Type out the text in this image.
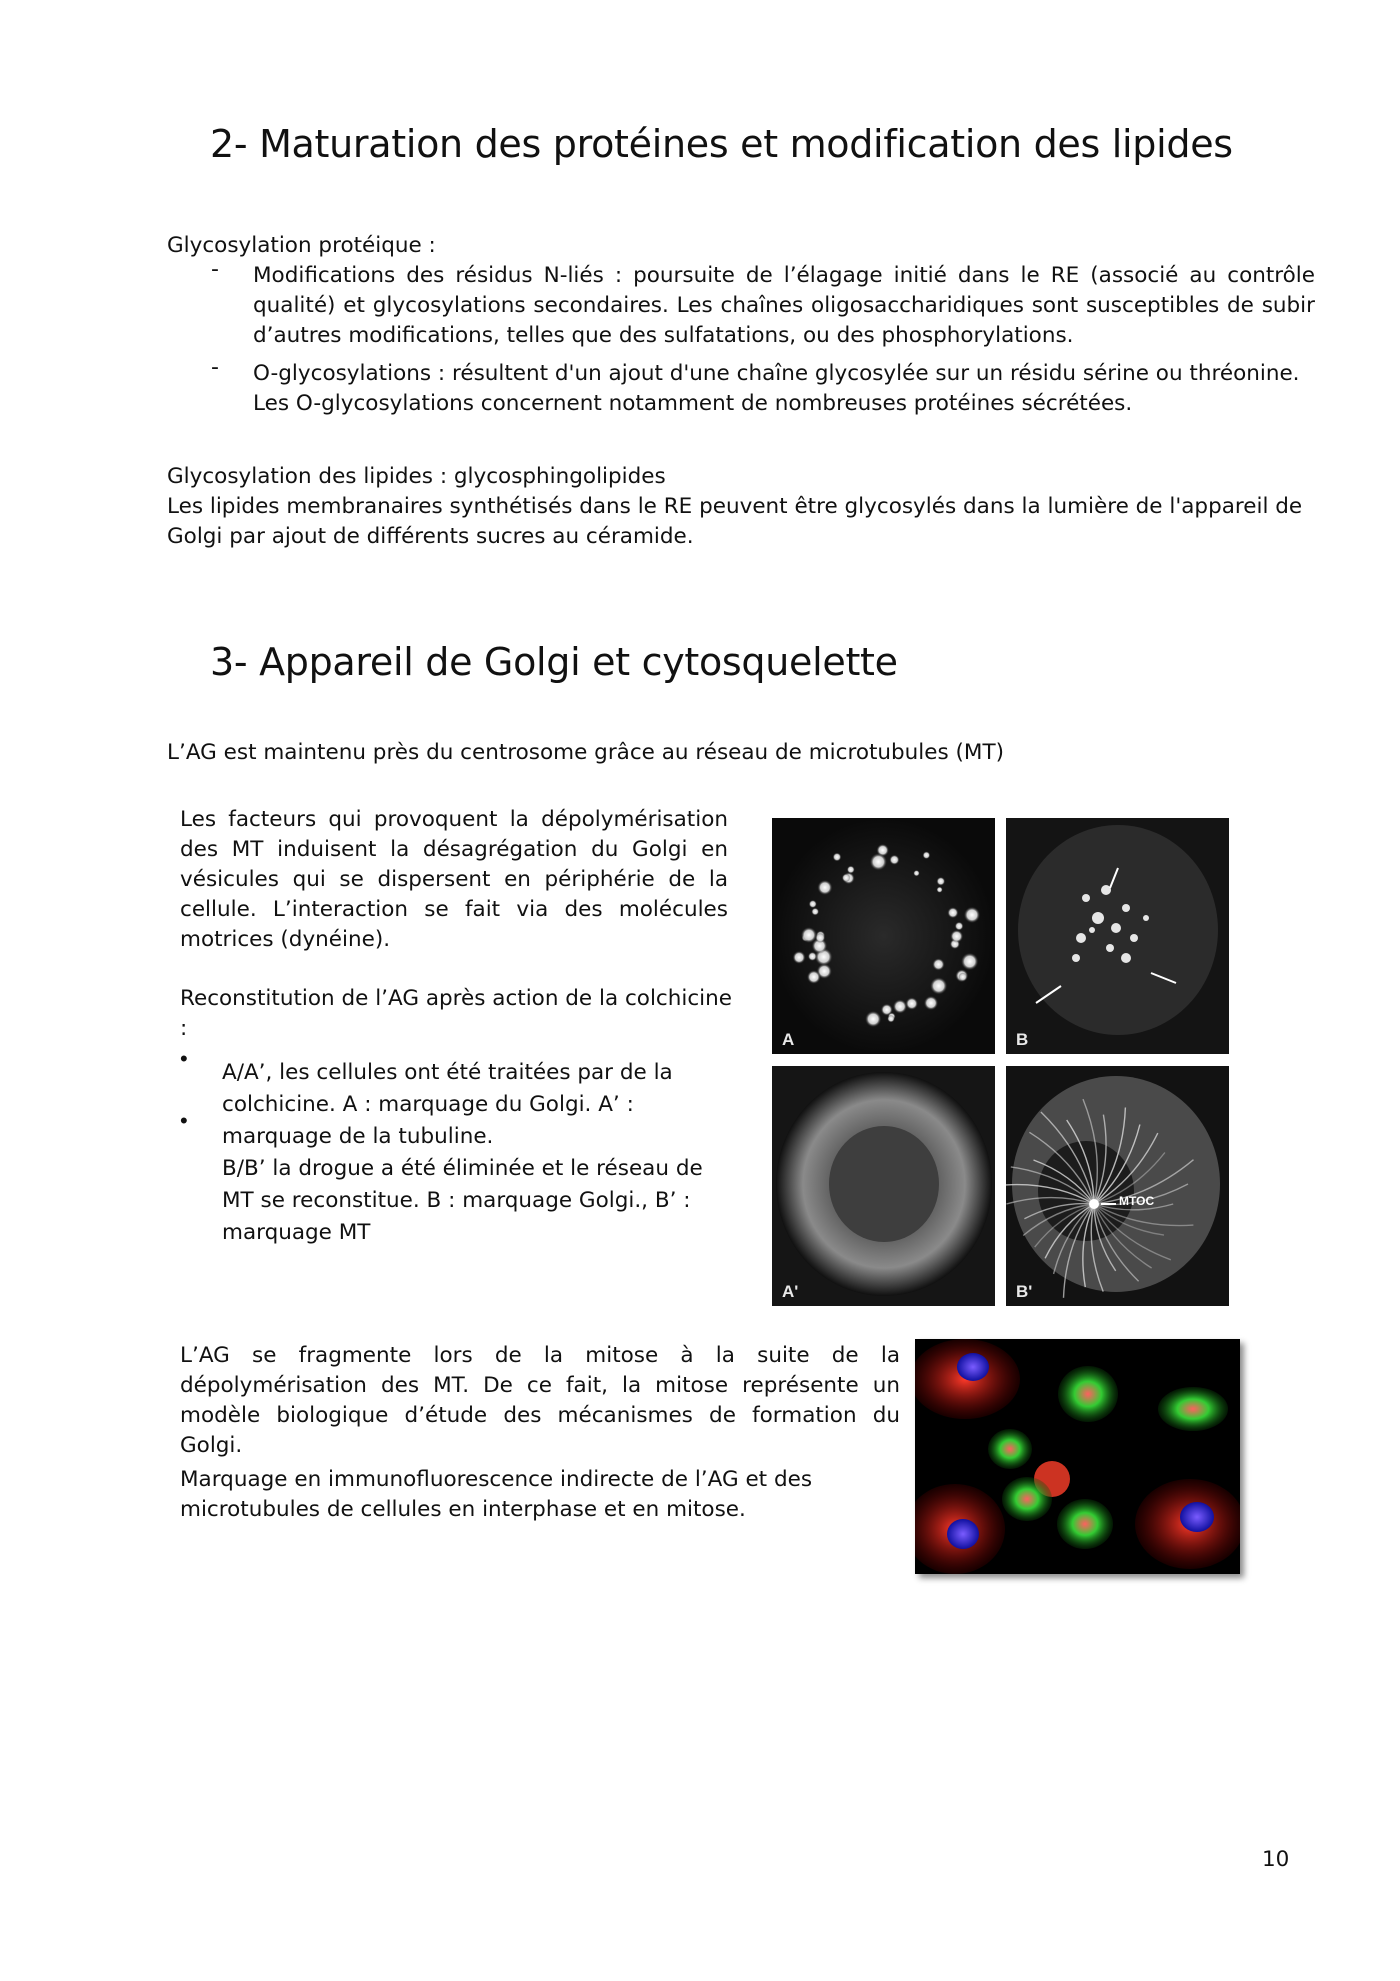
2- Maturation des protéines et modification des lipides
Glycosylation protéique :
- Modifications des résidus N-liés : poursuite de l’élagage initié dans le RE (associé au contrôle qualité) et glycosylations secondaires. Les chaînes oligosaccharidiques sont susceptibles de subir d’autres modifications, telles que des sulfatations, ou des phosphorylations.
- O-glycosylations : résultent d'un ajout d'une chaîne glycosylée sur un résidu sérine ou thréonine.
Les O-glycosylations concernent notamment de nombreuses protéines sécrétées.
Glycosylation des lipides : glycosphingolipides
Les lipides membranaires synthétisés dans le RE peuvent être glycosylés dans la lumière de l'appareil de Golgi par ajout de différents sucres au céramide.
3- Appareil de Golgi et cytosquelette
L’AG est maintenu près du centrosome grâce au réseau de microtubules (MT)
Les facteurs qui provoquent la dépolymérisation des MT induisent la désagrégation du Golgi en vésicules qui se dispersent en périphérie de la cellule. L’interaction se fait via des molécules motrices (dynéine).
Reconstitution de l’AG après action de la colchicine
:
•
•
A/A’, les cellules ont été traitées par de la
colchicine. A : marquage du Golgi. A’ :
marquage de la tubuline.
B/B’ la drogue a été éliminée et le réseau de
MT se reconstitue. B : marquage Golgi., B’ :
marquage MT
A	B
A'
MTOC
B'
L’AG se fragmente lors de la mitose à la suite de la dépolymérisation des MT. De ce fait, la mitose représente un modèle biologique d’étude des mécanismes de formation du Golgi.
Marquage en immunofluorescence indirecte de l’AG et des microtubules de cellules en interphase et en mitose.
10
